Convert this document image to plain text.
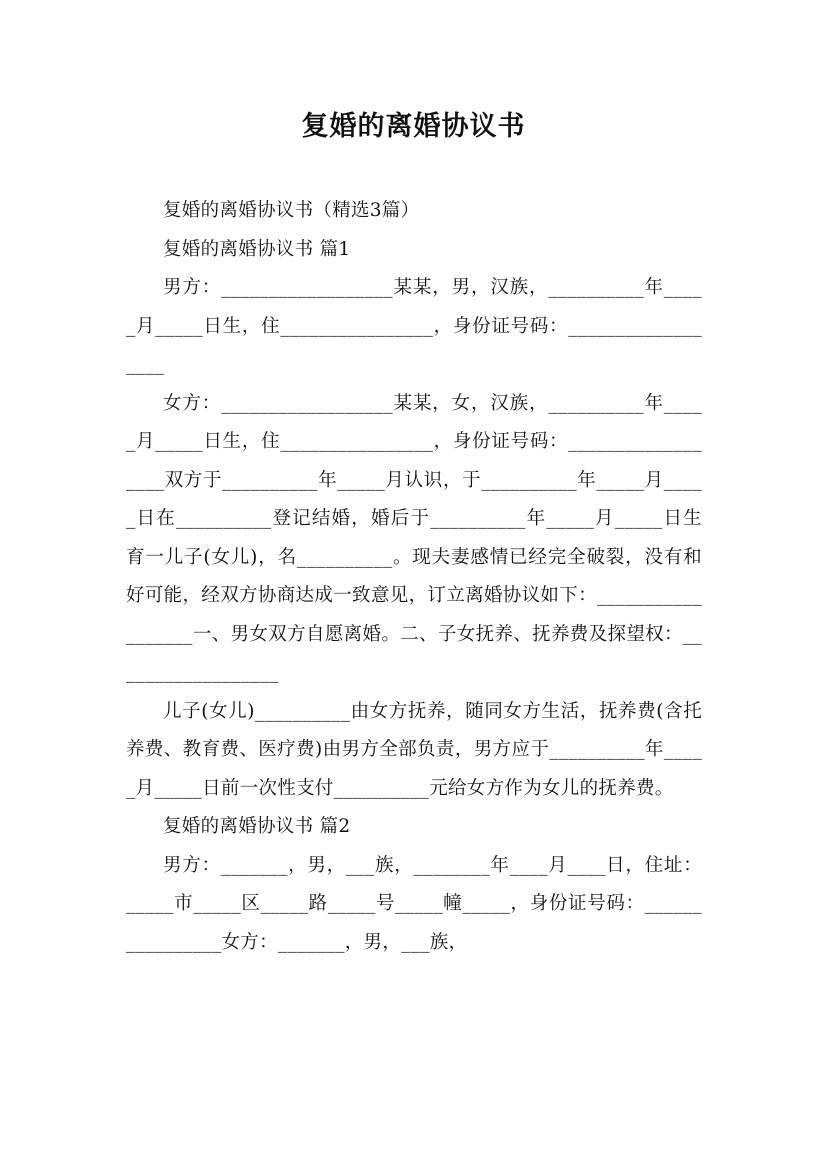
复婚的离婚协议书

复婚的离婚协议书（精选3篇）

复婚的离婚协议书 篇1

男方：__________________某某，男，汉族，__________年_____月_____日生，住________________，身份证号码：__________________

女方：__________________某某，女，汉族，__________年_____月_____日生，住________________，身份证号码：__________________双方于__________年_____月认识，于__________年_____月_____日在__________登记结婚，婚后于__________年_____月_____日生育一儿子(女儿)，名__________。现夫妻感情已经完全破裂，没有和好可能，经双方协商达成一致意见，订立离婚协议如下：__________________一、男女双方自愿离婚。二、子女抚养、抚养费及探望权：__________________

儿子(女儿)__________由女方抚养，随同女方生活，抚养费(含托养费、教育费、医疗费)由男方全部负责，男方应于__________年_____月_____日前一次性支付__________元给女方作为女儿的抚养费。

复婚的离婚协议书 篇2

男方：_______，男，___族，________年____月____日，住址：_____市_____区_____路_____号_____幢_____，身份证号码：________________女方：_______，男，___族，
